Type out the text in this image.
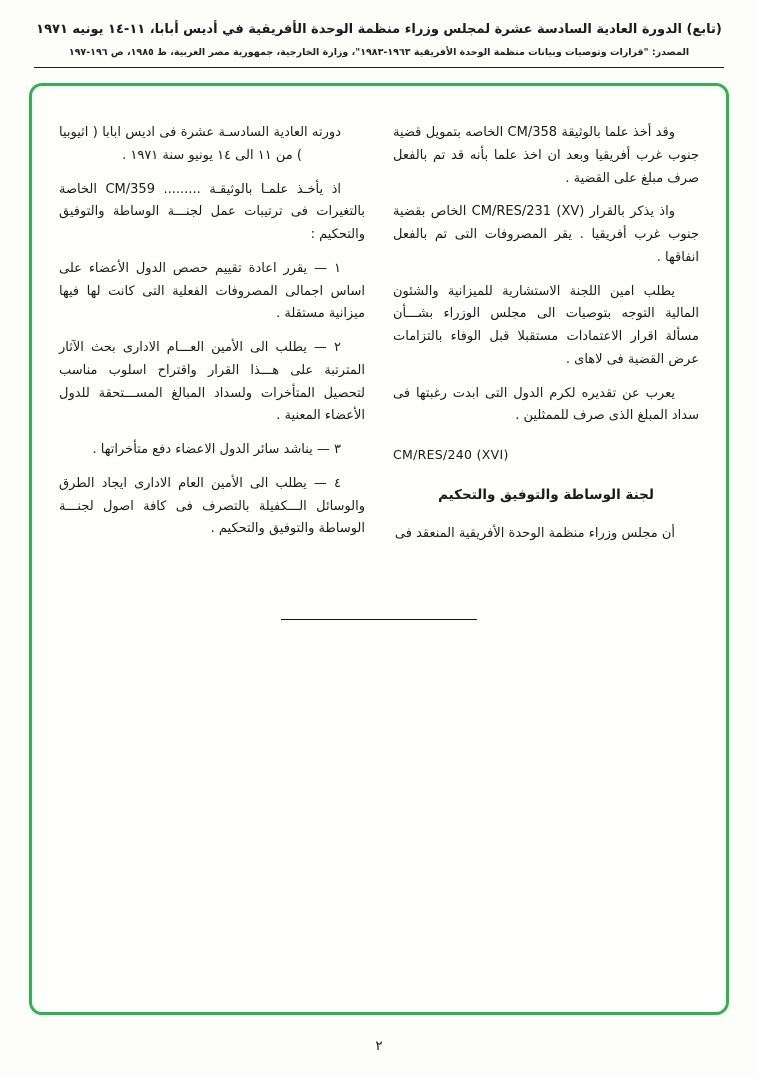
(تابع) الدورة العادية السادسة عشرة لمجلس وزراء منظمة الوحدة الأفريقية في أديس أبابا، ١١-١٤ يونيه ١٩٧١
المصدر: "قرارات وتوصيات وبيانات منظمة الوحدة الأفريقية ١٩٦٣-١٩٨٣"، وزارة الخارجية، جمهورية مصر العربية، ط ١٩٨٥، ص ١٩٦-١٩٧

وقد أخذ علما بالوثيقة CM/358 الخاصه بتمويل قضية جنوب غرب أفريقيا وبعد ان اخذ علما بأنه قد تم بالفعل صرف مبلغ على القضية .

واذ يذكر بالقرار CM/RES/231 (XV) الخاص بقضية جنوب غرب أفريقيا . يقر المصروفات التى تم بالفعل انفاقها .

يطلب امين اللجنة الاستشارية للميزانية والشئون المالية التوجه بتوصيات الى مجلس الوزراء بشـــأن مسألة اقرار الاعتمادات مستقبلا قبل الوفاء بالتزامات عرض القضية فى لاهاى .

يعرب عن تقديره لكرم الدول التى ابدت رغبتها فى سداد المبلغ الذى صرف للممثلين .

CM/RES/240 (XVI)

لجنة الوساطة والتوفيق والتحكيم

أن مجلس وزراء منظمة الوحدة الأفريقية المنعقد فى

دورته العادية السادسـة عشرة فى اديس ابابا ( اثيوبيا ) من ١١ الى ١٤ يونيو سنة ١٩٧١ .

اذ يأخـذ علمـا بالوثيقـة ......... CM/359 الخاصة بالتغيرات فى ترتيبات عمل لجنـــة الوساطة والتوفيق والتحكيم :

١ — يقرر اعادة تقييم حصص الدول الأعضاء على اساس اجمالى المصروفات الفعلية التى كانت لها فيها ميزانية مستقلة .

٢ — يطلب الى الأمين العـــام الادارى بحث الآثار المترتبة على هـــذا القرار واقتراح اسلوب مناسب لتحصيل المتأخرات ولسداد المبالغ المســـتحقة للدول الأعضاء المعنية .

٣ — يناشد سائر الدول الاعضاء دفع متأخراتها .

٤ — يطلب الى الأمين العام الادارى ايجاد الطرق والوسائل الـــكفيلة بالتصرف فى كافة اصول لجنـــة الوساطة والتوفيق والتحكيم .

٢
